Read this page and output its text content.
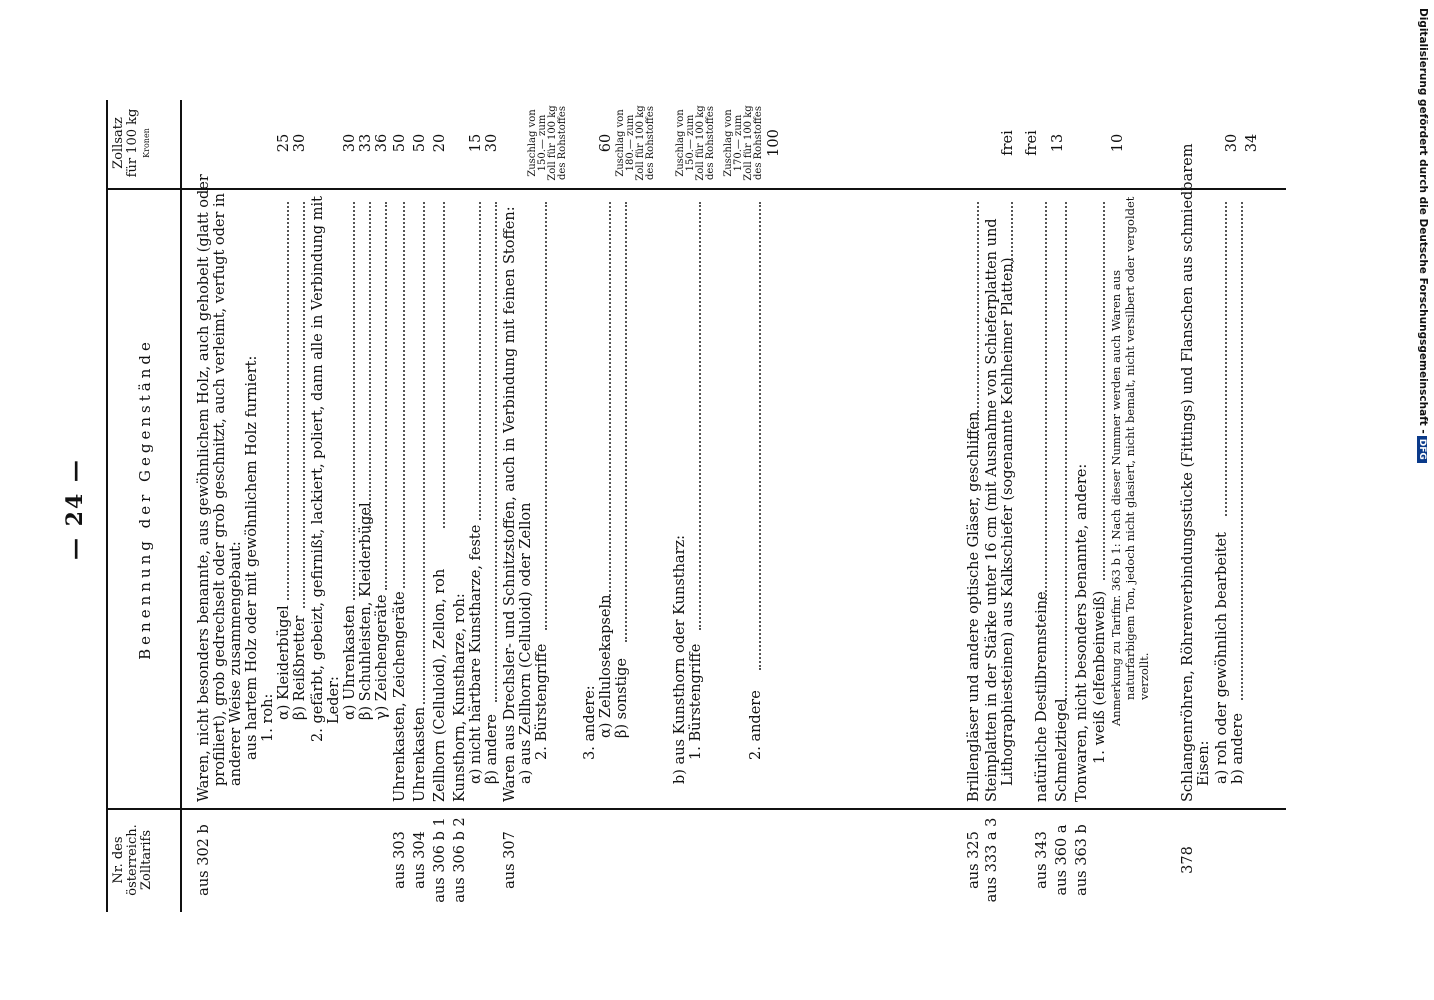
— 24 —
Nr. des österreich. Zolltarifs
Benennung der Gegenstände
Zollsatz für 100 kg Kronen
aus 302 b
Waren, nicht besonders benannte, aus gewöhnlichem Holz, auch gehobelt (glatt oder profiliert), grob gedrechselt oder grob geschnitzt, auch verleimt, verfugt oder in anderer Weise zusammengebaut: aus hartem Holz oder mit gewöhnlichem Holz furniert: 1. roh: α) Kleiderbügel
25
β) Reißbretter
30
2. gefärbt, gebeizt, gefirnißt, lackiert, poliert, dann alle in Verbindung mit Leder: α) Uhrenkasten
30
β) Schuhleisten, Kleiderbügel
33
γ) Zeichengeräte
36
aus 303
Uhrenkasten, Zeichengeräte
50
aus 304
Uhrenkasten
50
aus 306 b 1
Zellhorn (Celluloid), Zellon, roh
20
aus 306 b 2
Kunsthorn, Kunstharze, roh: α) nicht härtbare Kunstharze, feste
15
β) andere
30
aus 307
Waren aus Drechsler- und Schnitzstoffen, auch in Verbindung mit feinen Stoffen: a) aus Zellhorn (Celluloid) oder Zellon 2. Bürstengriffe
Zuschlag von 150.— zum Zoll für 100 kg des Rohstoffes
3. andere: α) Zellulosekapseln
60
β) sonstige
Zuschlag von 180.— zum Zoll für 100 kg des Rohstoffes
b) aus Kunsthorn oder Kunstharz: 1. Bürstengriffe
Zuschlag von 150.— zum Zoll für 100 kg des Rohstoffes
2. andere
Zuschlag von 170.— zum Zoll für 100 kg des Rohstoffes 100
aus 325
Brillengläser und andere optische Gläser, geschliffen
aus 333 a 3
Steinplatten in der Stärke unter 16 cm (mit Ausnahme von Schieferplatten und Lithographiesteinen) aus Kalkschiefer (sogenannte Kehlheimer Platten)
frei frei
aus 343
natürliche Destilbrennsteine
13
aus 360 a
Schmelztiegel
aus 363 b
Tonwaren, nicht besonders benannte, andere: 1. weiß (elfenbeinweiß)
10
Anmerkung zu Tarifnr. 363 b 1: Nach dieser Nummer werden auch Waren aus naturfarbigem Ton, jedoch nicht glasiert, nicht bemalt, nicht versilbert oder vergoldet verzollt.
378
Schlangenröhren, Röhrenverbindungsstücke (Fittings) und Flanschen aus schmiedbarem Eisen: a) roh oder gewöhnlich bearbeitet
30
b) andere
34	Digitalisierung gefördert durch die Deutsche Forschungsgemeinschaft -DFG
